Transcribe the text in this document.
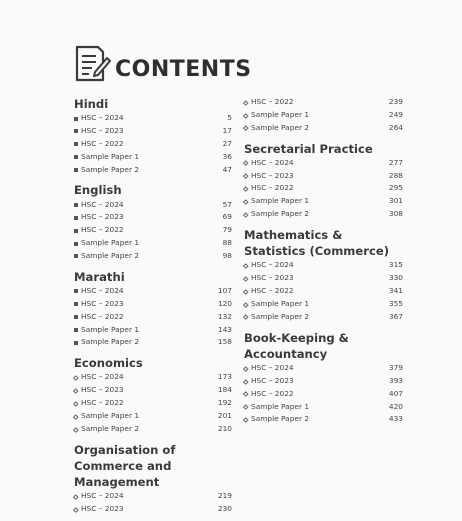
CONTENTS
Hindi
HSC – 2024	5
HSC – 2023	17
HSC – 2022	27
Sample Paper 1	36
Sample Paper 2	47
English
HSC – 2024	57
HSC – 2023	69
HSC – 2022	79
Sample Paper 1	88
Sample Paper 2	98
Marathi
HSC – 2024	107
HSC – 2023	120
HSC – 2022	132
Sample Paper 1	143
Sample Paper 2	158
Economics
HSC – 2024	173
HSC – 2023	184
HSC – 2022	192
Sample Paper 1	201
Sample Paper 2	210
Organisation of Commerce and Management
HSC – 2024	219
HSC – 2023	230
HSC – 2022	239
Sample Paper 1	249
Sample Paper 2	264
Secretarial Practice
HSC – 2024	277
HSC – 2023	288
HSC – 2022	295
Sample Paper 1	301
Sample Paper 2	308
Mathematics & Statistics (Commerce)
HSC – 2024	315
HSC – 2023	330
HSC – 2022	341
Sample Paper 1	355
Sample Paper 2	367
Book-Keeping & Accountancy
HSC – 2024	379
HSC – 2023	393
HSC – 2022	407
Sample Paper 1	420
Sample Paper 2	433
